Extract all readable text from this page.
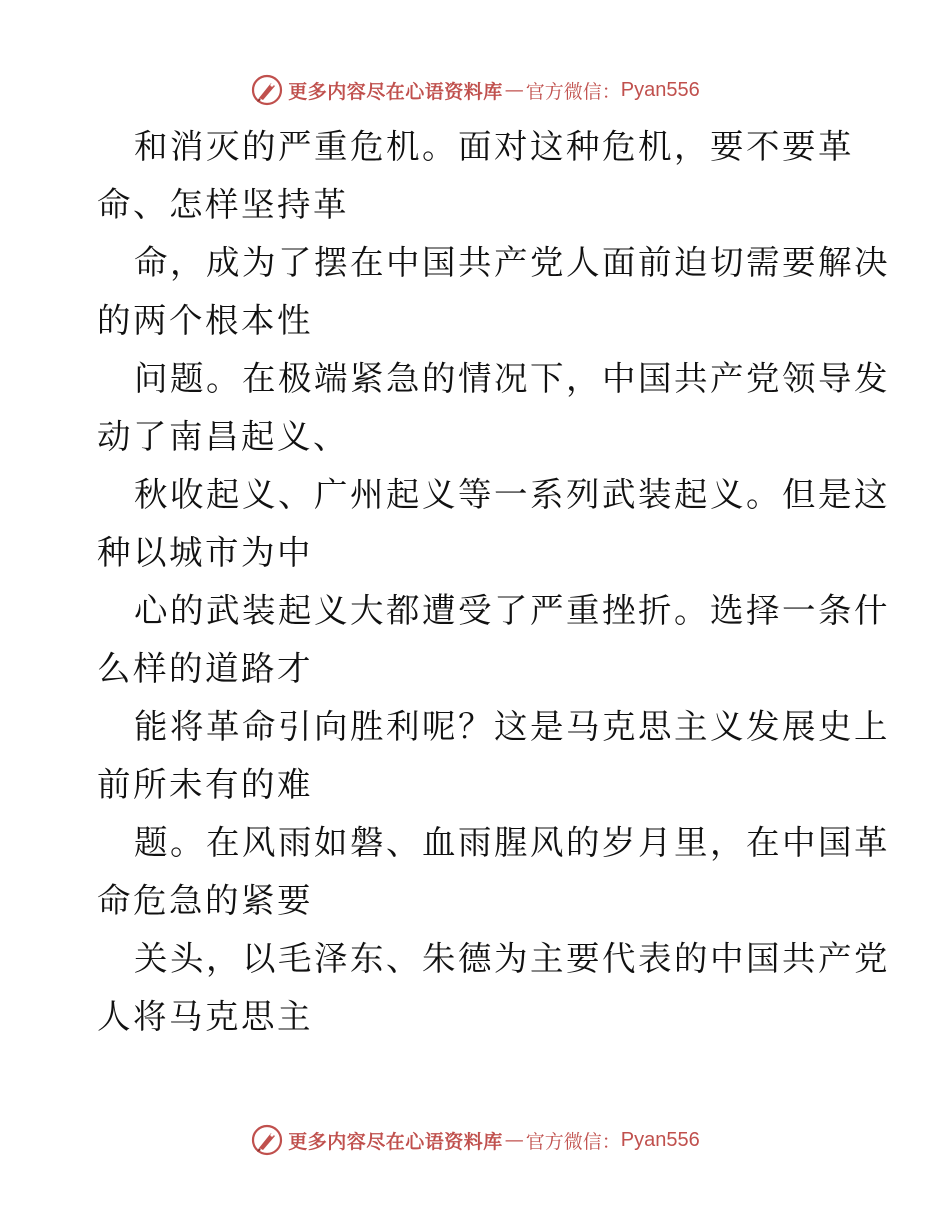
更多内容尽在心语资料库 — 官方微信： Pyan556
和消灭的严重危机。面对这种危机，要不要革
命、怎样坚持革
命，成为了摆在中国共产党人面前迫切需要解决
的两个根本性
问题。在极端紧急的情况下，中国共产党领导发
动了南昌起义、
秋收起义、广州起义等一系列武装起义。但是这
种以城市为中
心的武装起义大都遭受了严重挫折。选择一条什
么样的道路才
能将革命引向胜利呢？这是马克思主义发展史上
前所未有的难
题。在风雨如磐、血雨腥风的岁月里，在中国革
命危急的紧要
关头，以毛泽东、朱德为主要代表的中国共产党
人将马克思主
更多内容尽在心语资料库 — 官方微信： Pyan556
